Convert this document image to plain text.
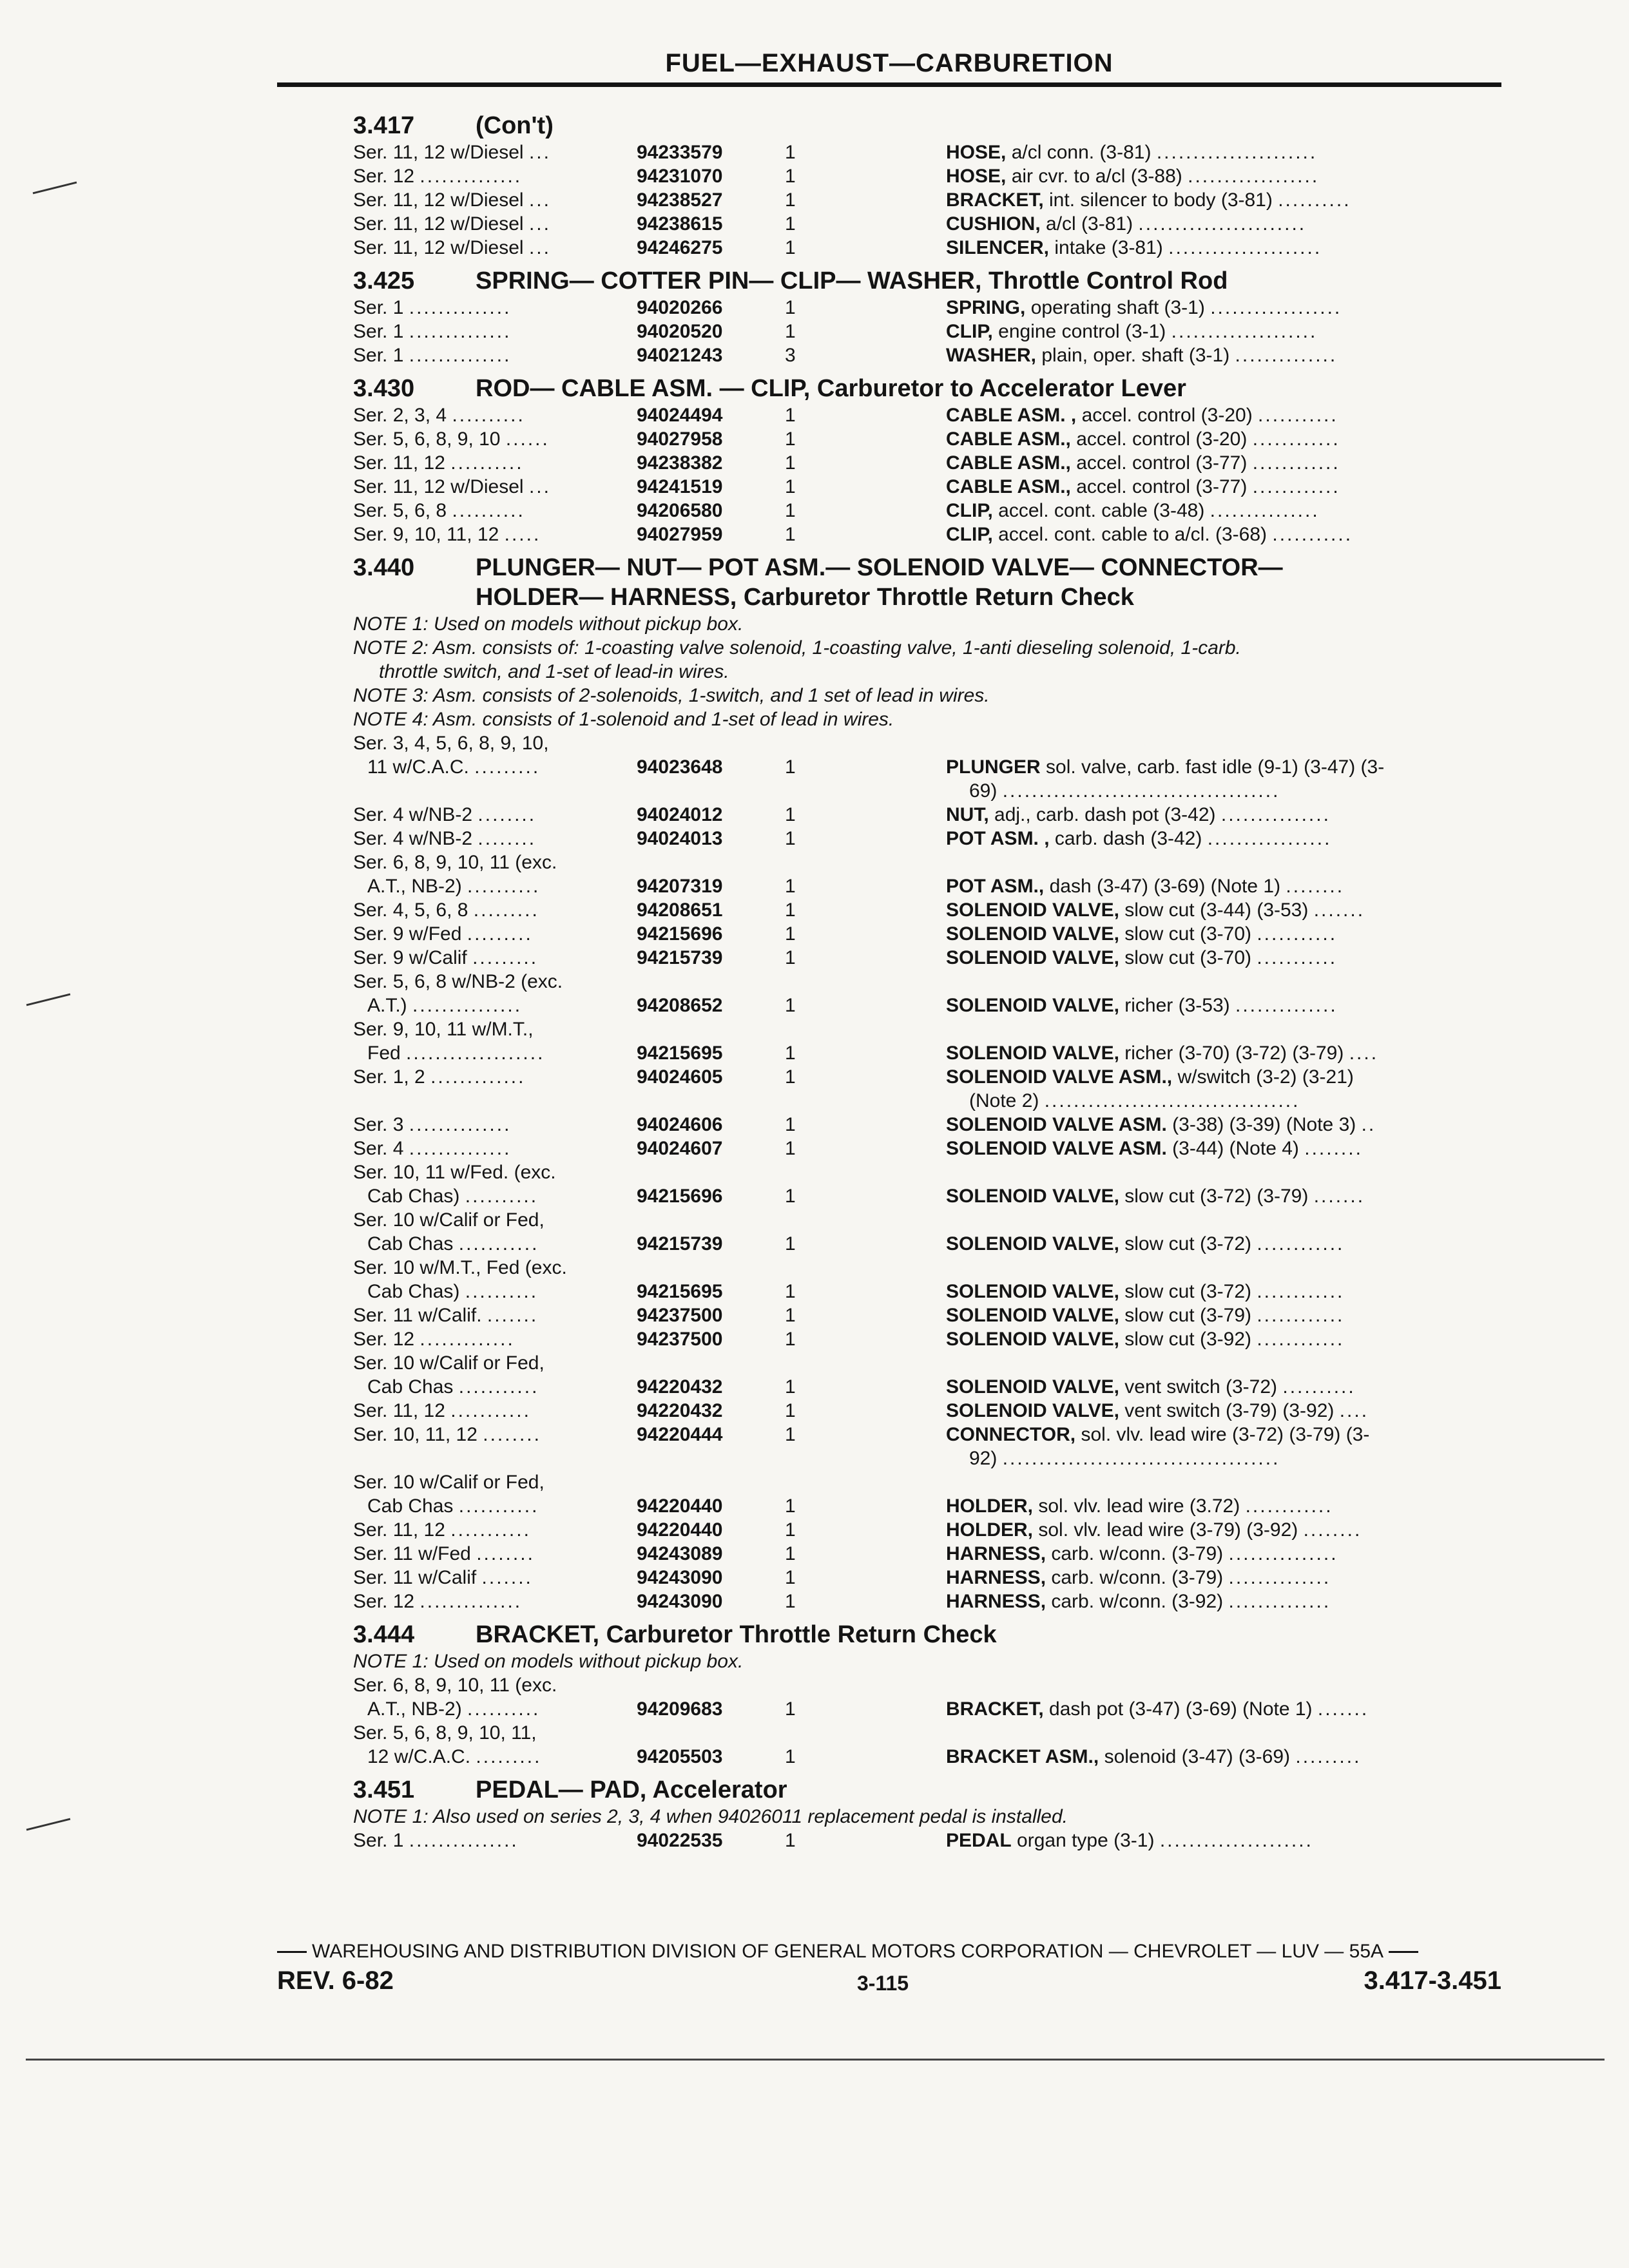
FUEL—EXHAUST—CARBURETION
3.417	(Con't)
Ser. 11, 12 w/Diesel ...	94233579	1	HOSE, a/cl conn. (3-81) ......................
Ser. 12 ..............	94231070	1	HOSE, air cvr. to a/cl (3-88) ..................
Ser. 11, 12 w/Diesel ...	94238527	1	BRACKET, int. silencer to body (3-81) ..........
Ser. 11, 12 w/Diesel ...	94238615	1	CUSHION, a/cl (3-81) .......................
Ser. 11, 12 w/Diesel ...	94246275	1	SILENCER, intake (3-81) .....................
3.425	SPRING— COTTER PIN— CLIP— WASHER, Throttle Control Rod
Ser. 1 ..............	94020266	1	SPRING, operating shaft (3-1) ..................
Ser. 1 ..............	94020520	1	CLIP, engine control (3-1) ....................
Ser. 1 ..............	94021243	3	WASHER, plain, oper. shaft (3-1) ..............
3.430	ROD— CABLE ASM. — CLIP, Carburetor to Accelerator Lever
Ser. 2, 3, 4 ..........	94024494	1	CABLE ASM. , accel. control (3-20) ...........
Ser. 5, 6, 8, 9, 10 ......	94027958	1	CABLE ASM., accel. control (3-20) ............
Ser. 11, 12 ..........	94238382	1	CABLE ASM., accel. control (3-77) ............
Ser. 11, 12 w/Diesel ...	94241519	1	CABLE ASM., accel. control (3-77) ............
Ser. 5, 6, 8 ..........	94206580	1	CLIP, accel. cont. cable (3-48) ...............
Ser. 9, 10, 11, 12 .....	94027959	1	CLIP, accel. cont. cable to a/cl. (3-68) ...........
3.440	PLUNGER— NUT— POT ASM.— SOLENOID VALVE— CONNECTOR—
HOLDER— HARNESS, Carburetor Throttle Return Check
NOTE 1: Used on models without pickup box.
NOTE 2: Asm. consists of: 1-coasting valve solenoid, 1-coasting valve, 1-anti dieseling solenoid, 1-carb.
throttle switch, and 1-set of lead-in wires.
NOTE 3: Asm. consists of 2-solenoids, 1-switch, and 1 set of lead in wires.
NOTE 4: Asm. consists of 1-solenoid and 1-set of lead in wires.
Ser. 3, 4, 5, 6, 8, 9, 10,
11 w/C.A.C. .........	94023648	1	PLUNGER sol. valve, carb. fast idle (9-1) (3-47) (3-
69) ......................................
Ser. 4 w/NB-2 ........	94024012	1	NUT, adj., carb. dash pot (3-42) ...............
Ser. 4 w/NB-2 ........	94024013	1	POT ASM. , carb. dash (3-42) .................
Ser. 6, 8, 9, 10, 11 (exc.
A.T., NB-2) ..........	94207319	1	POT ASM., dash (3-47) (3-69) (Note 1) ........
Ser. 4, 5, 6, 8 .........	94208651	1	SOLENOID VALVE, slow cut (3-44) (3-53) .......
Ser. 9 w/Fed .........	94215696	1	SOLENOID VALVE, slow cut (3-70) ...........
Ser. 9 w/Calif .........	94215739	1	SOLENOID VALVE, slow cut (3-70) ...........
Ser. 5, 6, 8 w/NB-2 (exc.
A.T.) ...............	94208652	1	SOLENOID VALVE, richer (3-53) ..............
Ser. 9, 10, 11 w/M.T.,
Fed ...................	94215695	1	SOLENOID VALVE, richer (3-70) (3-72) (3-79) ....
Ser. 1, 2 .............	94024605	1	SOLENOID VALVE ASM., w/switch (3-2) (3-21)
(Note 2) ...................................
Ser. 3 ..............	94024606	1	SOLENOID VALVE ASM. (3-38) (3-39) (Note 3) ..
Ser. 4 ..............	94024607	1	SOLENOID VALVE ASM. (3-44) (Note 4) ........
Ser. 10, 11 w/Fed. (exc.
Cab Chas) ..........	94215696	1	SOLENOID VALVE, slow cut (3-72) (3-79) .......
Ser. 10 w/Calif or Fed,
Cab Chas ...........	94215739	1	SOLENOID VALVE, slow cut (3-72) ............
Ser. 10 w/M.T., Fed (exc.
Cab Chas) ..........	94215695	1	SOLENOID VALVE, slow cut (3-72) ............
Ser. 11 w/Calif. .......	94237500	1	SOLENOID VALVE, slow cut (3-79) ............
Ser. 12 .............	94237500	1	SOLENOID VALVE, slow cut (3-92) ............
Ser. 10 w/Calif or Fed,
Cab Chas ...........	94220432	1	SOLENOID VALVE, vent switch (3-72) ..........
Ser. 11, 12 ...........	94220432	1	SOLENOID VALVE, vent switch (3-79) (3-92) ....
Ser. 10, 11, 12 ........	94220444	1	CONNECTOR, sol. vlv. lead wire (3-72) (3-79) (3-
92) ......................................
Ser. 10 w/Calif or Fed,
Cab Chas ...........	94220440	1	HOLDER, sol. vlv. lead wire (3.72) ............
Ser. 11, 12 ...........	94220440	1	HOLDER, sol. vlv. lead wire (3-79) (3-92) ........
Ser. 11 w/Fed ........	94243089	1	HARNESS, carb. w/conn. (3-79) ...............
Ser. 11 w/Calif .......	94243090	1	HARNESS, carb. w/conn. (3-79) ..............
Ser. 12 ..............	94243090	1	HARNESS, carb. w/conn. (3-92) ..............
3.444	BRACKET, Carburetor Throttle Return Check
NOTE 1: Used on models without pickup box.
Ser. 6, 8, 9, 10, 11 (exc.
A.T., NB-2) ..........	94209683	1	BRACKET, dash pot (3-47) (3-69) (Note 1) .......
Ser. 5, 6, 8, 9, 10, 11,
12 w/C.A.C. .........	94205503	1	BRACKET ASM., solenoid (3-47) (3-69) .........
3.451	PEDAL— PAD, Accelerator
NOTE 1: Also used on series 2, 3, 4 when 94026011 replacement pedal is installed.
Ser. 1 ...............	94022535	1	PEDAL organ type (3-1) .....................
WAREHOUSING AND DISTRIBUTION DIVISION OF GENERAL MOTORS CORPORATION — CHEVROLET — LUV — 55A
REV. 6-82	3-115	3.417-3.451
